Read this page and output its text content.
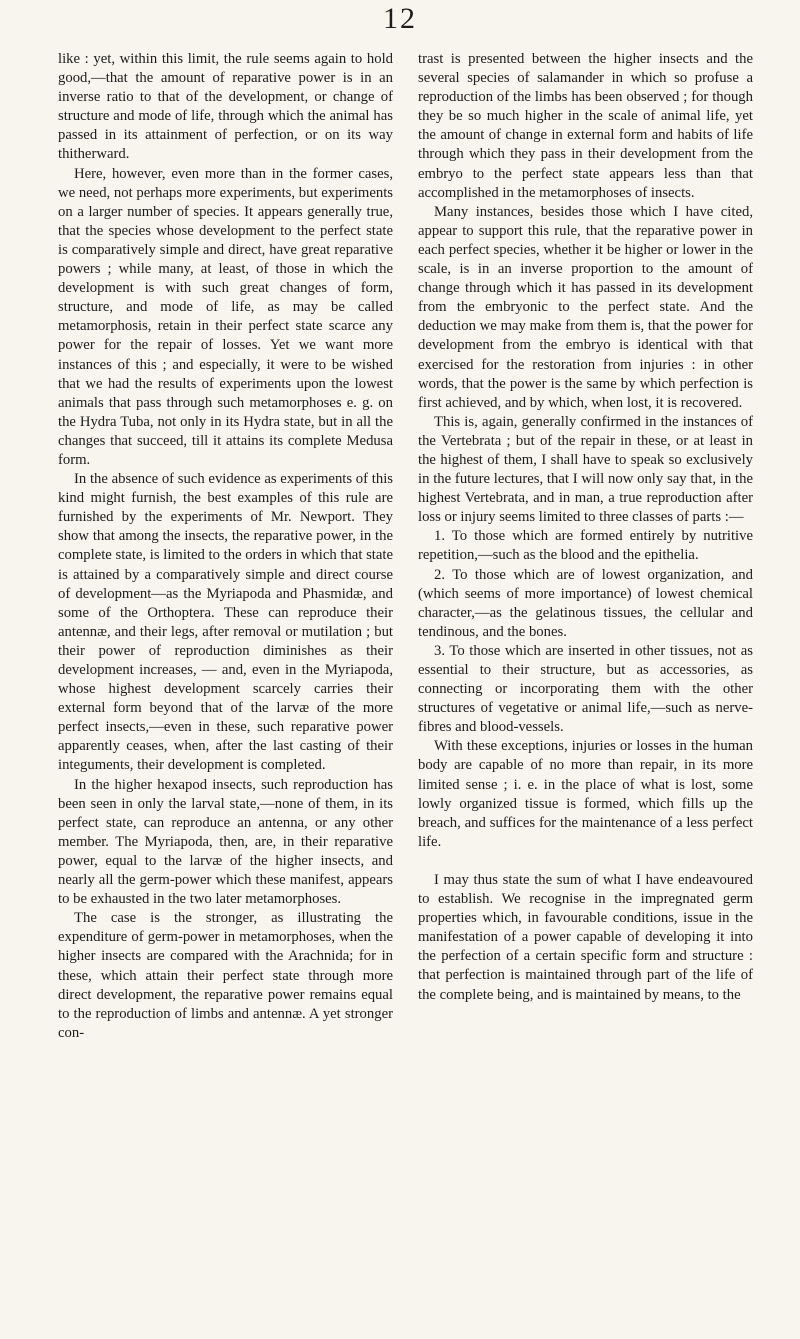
12

like : yet, within this limit, the rule seems again to hold good,—that the amount of reparative power is in an inverse ratio to that of the development, or change of structure and mode of life, through which the animal has passed in its attainment of perfection, or on its way thitherward.

Here, however, even more than in the former cases, we need, not perhaps more experiments, but experiments on a larger number of species. It appears generally true, that the species whose development to the perfect state is comparatively simple and direct, have great reparative powers ; while many, at least, of those in which the development is with such great changes of form, structure, and mode of life, as may be called metamorphosis, retain in their perfect state scarce any power for the repair of losses. Yet we want more instances of this ; and especially, it were to be wished that we had the results of experiments upon the lowest animals that pass through such metamorphoses e. g. on the Hydra Tuba, not only in its Hydra state, but in all the changes that succeed, till it attains its complete Medusa form.

In the absence of such evidence as experiments of this kind might furnish, the best examples of this rule are furnished by the experiments of Mr. Newport. They show that among the insects, the reparative power, in the complete state, is limited to the orders in which that state is attained by a comparatively simple and direct course of development—as the Myriapoda and Phasmidæ, and some of the Orthoptera. These can reproduce their antennæ, and their legs, after removal or mutilation ; but their power of reproduction diminishes as their development increases, — and, even in the Myriapoda, whose highest development scarcely carries their external form beyond that of the larvæ of the more perfect insects,—even in these, such reparative power apparently ceases, when, after the last casting of their integuments, their development is completed.

In the higher hexapod insects, such reproduction has been seen in only the larval state,—none of them, in its perfect state, can reproduce an antenna, or any other member. The Myriapoda, then, are, in their reparative power, equal to the larvæ of the higher insects, and nearly all the germ-power which these manifest, appears to be exhausted in the two later metamorphoses.

The case is the stronger, as illustrating the expenditure of germ-power in metamorphoses, when the higher insects are compared with the Arachnida; for in these, which attain their perfect state through more direct development, the reparative power remains equal to the reproduction of limbs and antennæ. A yet stronger con-

trast is presented between the higher insects and the several species of salamander in which so profuse a reproduction of the limbs has been observed ; for though they be so much higher in the scale of animal life, yet the amount of change in external form and habits of life through which they pass in their development from the embryo to the perfect state appears less than that accomplished in the metamorphoses of insects.

Many instances, besides those which I have cited, appear to support this rule, that the reparative power in each perfect species, whether it be higher or lower in the scale, is in an inverse proportion to the amount of change through which it has passed in its development from the embryonic to the perfect state. And the deduction we may make from them is, that the power for development from the embryo is identical with that exercised for the restoration from injuries : in other words, that the power is the same by which perfection is first achieved, and by which, when lost, it is recovered.

This is, again, generally confirmed in the instances of the Vertebrata ; but of the repair in these, or at least in the highest of them, I shall have to speak so exclusively in the future lectures, that I will now only say that, in the highest Vertebrata, and in man, a true reproduction after loss or injury seems limited to three classes of parts :—

1. To those which are formed entirely by nutritive repetition,—such as the blood and the epithelia.

2. To those which are of lowest organization, and (which seems of more importance) of lowest chemical character,—as the gelatinous tissues, the cellular and tendinous, and the bones.

3. To those which are inserted in other tissues, not as essential to their structure, but as accessories, as connecting or incorporating them with the other structures of vegetative or animal life,—such as nerve-fibres and blood-vessels.

With these exceptions, injuries or losses in the human body are capable of no more than repair, in its more limited sense ; i. e. in the place of what is lost, some lowly organized tissue is formed, which fills up the breach, and suffices for the maintenance of a less perfect life.

I may thus state the sum of what I have endeavoured to establish. We recognise in the impregnated germ properties which, in favourable conditions, issue in the manifestation of a power capable of developing it into the perfection of a certain specific form and structure : that perfection is maintained through part of the life of the complete being, and is maintained by means, to the
